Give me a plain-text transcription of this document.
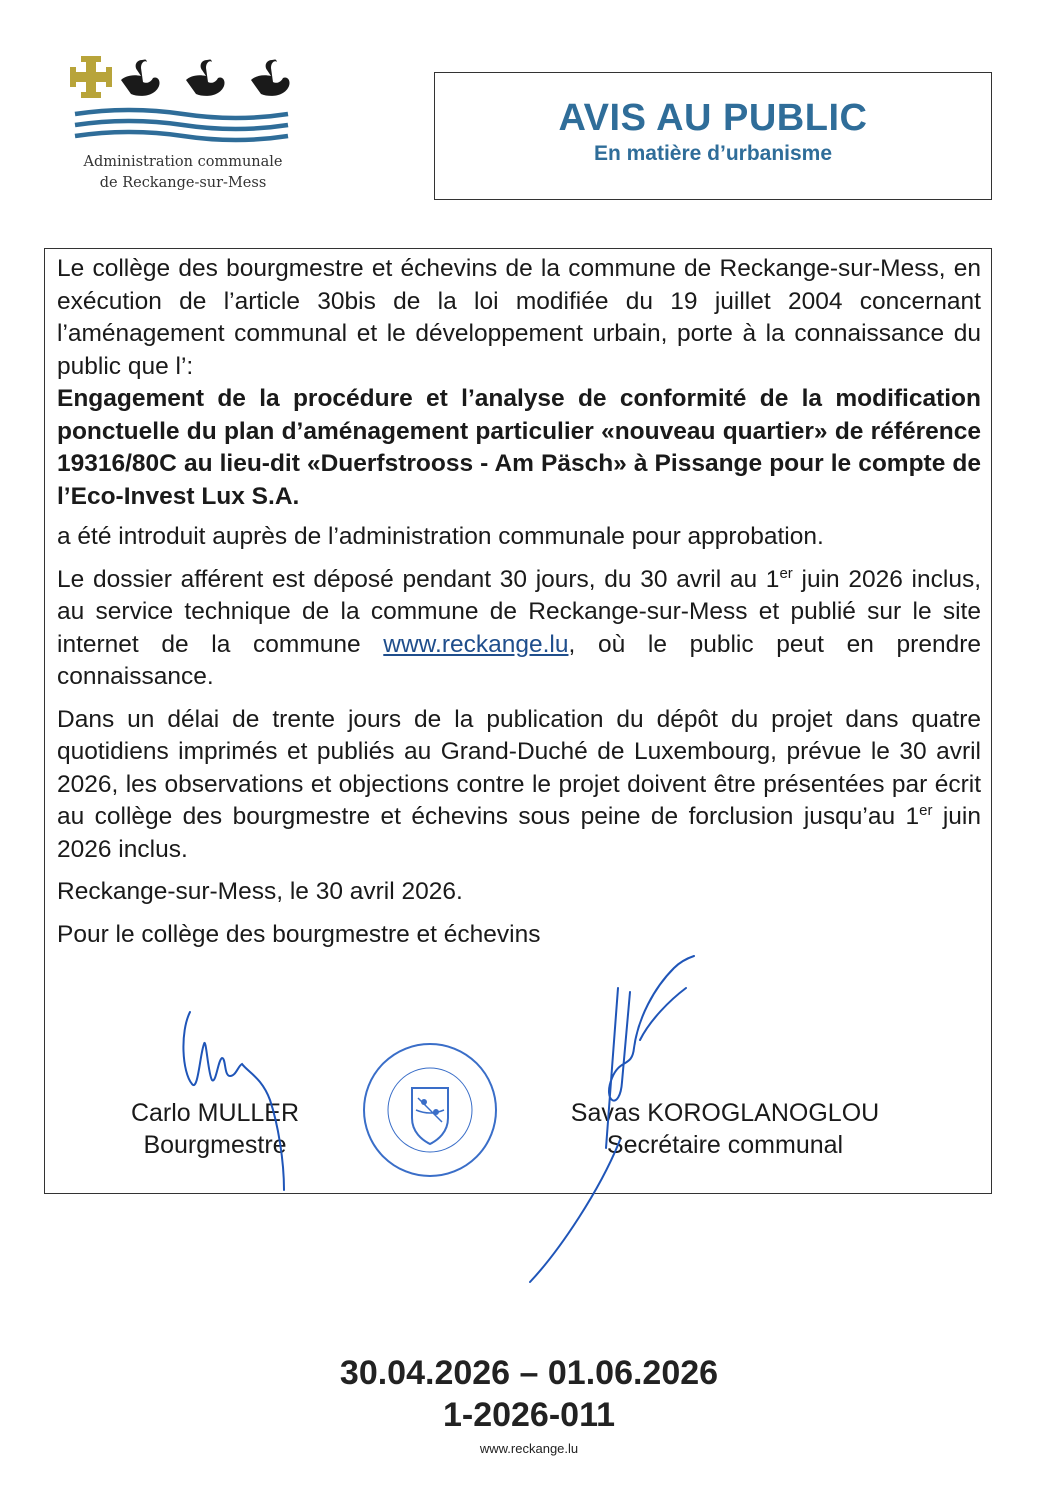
Administration communale
de Reckange-sur-Mess
AVIS AU PUBLIC
En matière d’urbanisme

Le collège des bourgmestre et échevins de la commune de Reckange-sur-Mess, en exécution de l’article 30bis de la loi modifiée du 19 juillet 2004 concernant l’aménagement communal et le développement urbain, porte à la connaissance du public que l’:

Engagement de la procédure et l’analyse de conformité de la modification ponctuelle du plan d’aménagement particulier «nouveau quartier» de référence 19316/80C au lieu-dit «Duerfstrooss - Am Päsch» à Pissange pour le compte de l’Eco-Invest Lux S.A.

a été introduit auprès de l’administration communale pour approbation.

Le dossier afférent est déposé pendant 30 jours, du 30 avril au 1er juin 2026 inclus, au service technique de la commune de Reckange-sur-Mess et publié sur le site internet de la commune www.reckange.lu, où le public peut en prendre connaissance.

Dans un délai de trente jours de la publication du dépôt du projet dans quatre quotidiens imprimés et publiés au Grand-Duché de Luxembourg, prévue le 30 avril 2026, les observations et objections contre le projet doivent être présentées par écrit au collège des bourgmestre et échevins sous peine de forclusion jusqu’au 1er juin 2026 inclus.

Reckange-sur-Mess, le 30 avril 2026.

Pour le collège des bourgmestre et échevins

Carlo MULLER
Bourgmestre
Savas KOROGLANOGLOU
Secrétaire communal
30.04.2026 – 01.06.2026
1-2026-011
www.reckange.lu
